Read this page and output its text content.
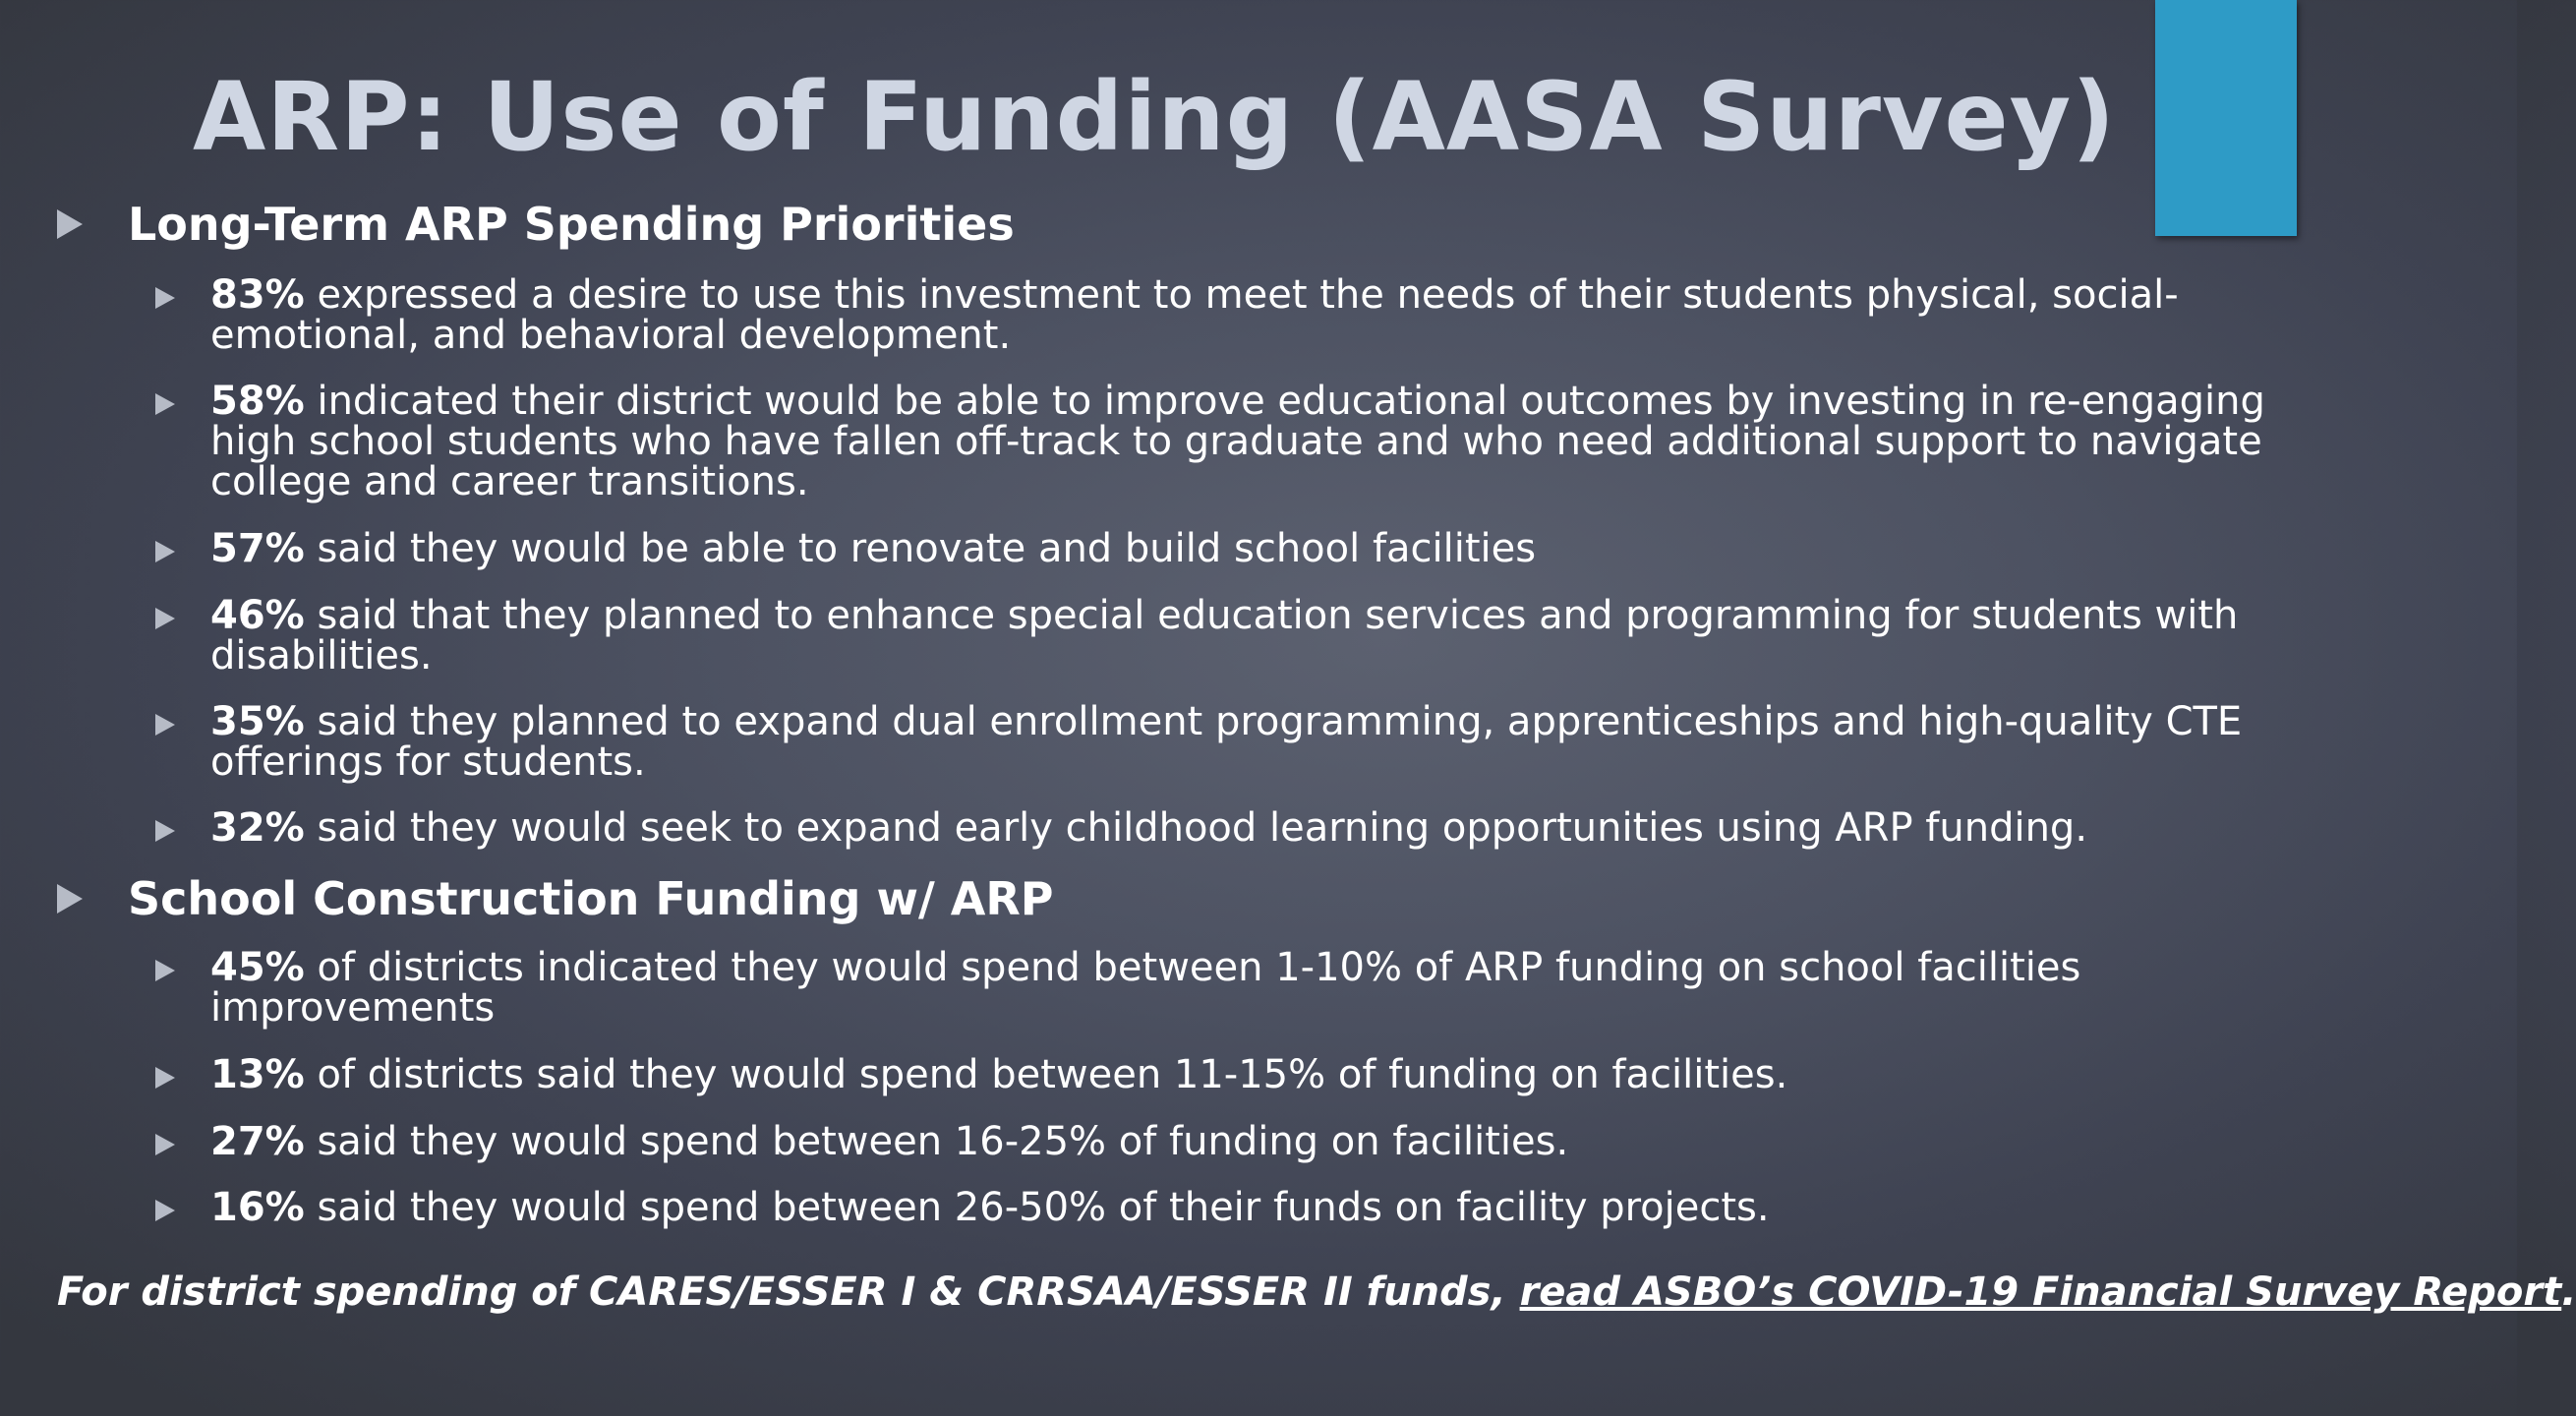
ARP: Use of Funding (AASA Survey)
Long-Term ARP Spending Priorities
83% expressed a desire to use this investment to meet the needs of their students physical, social-emotional, and behavioral development.
58% indicated their district would be able to improve educational outcomes by investing in re-engaging high school students who have fallen off-track to graduate and who need additional support to navigate college and career transitions.
57% said they would be able to renovate and build school facilities
46% said that they planned to enhance special education services and programming for students with disabilities.
35% said they planned to expand dual enrollment programming, apprenticeships and high-quality CTE offerings for students.
32% said they would seek to expand early childhood learning opportunities using ARP funding.
School Construction Funding w/ ARP
45% of districts indicated they would spend between 1-10% of ARP funding on school facilities improvements
13% of districts said they would spend between 11-15% of funding on facilities.
27% said they would spend between 16-25% of funding on facilities.
16% said they would spend between 26-50% of their funds on facility projects.
For district spending of CARES/ESSER I & CRRSAA/ESSER II funds, read ASBO’s COVID-19 Financial Survey Report.
